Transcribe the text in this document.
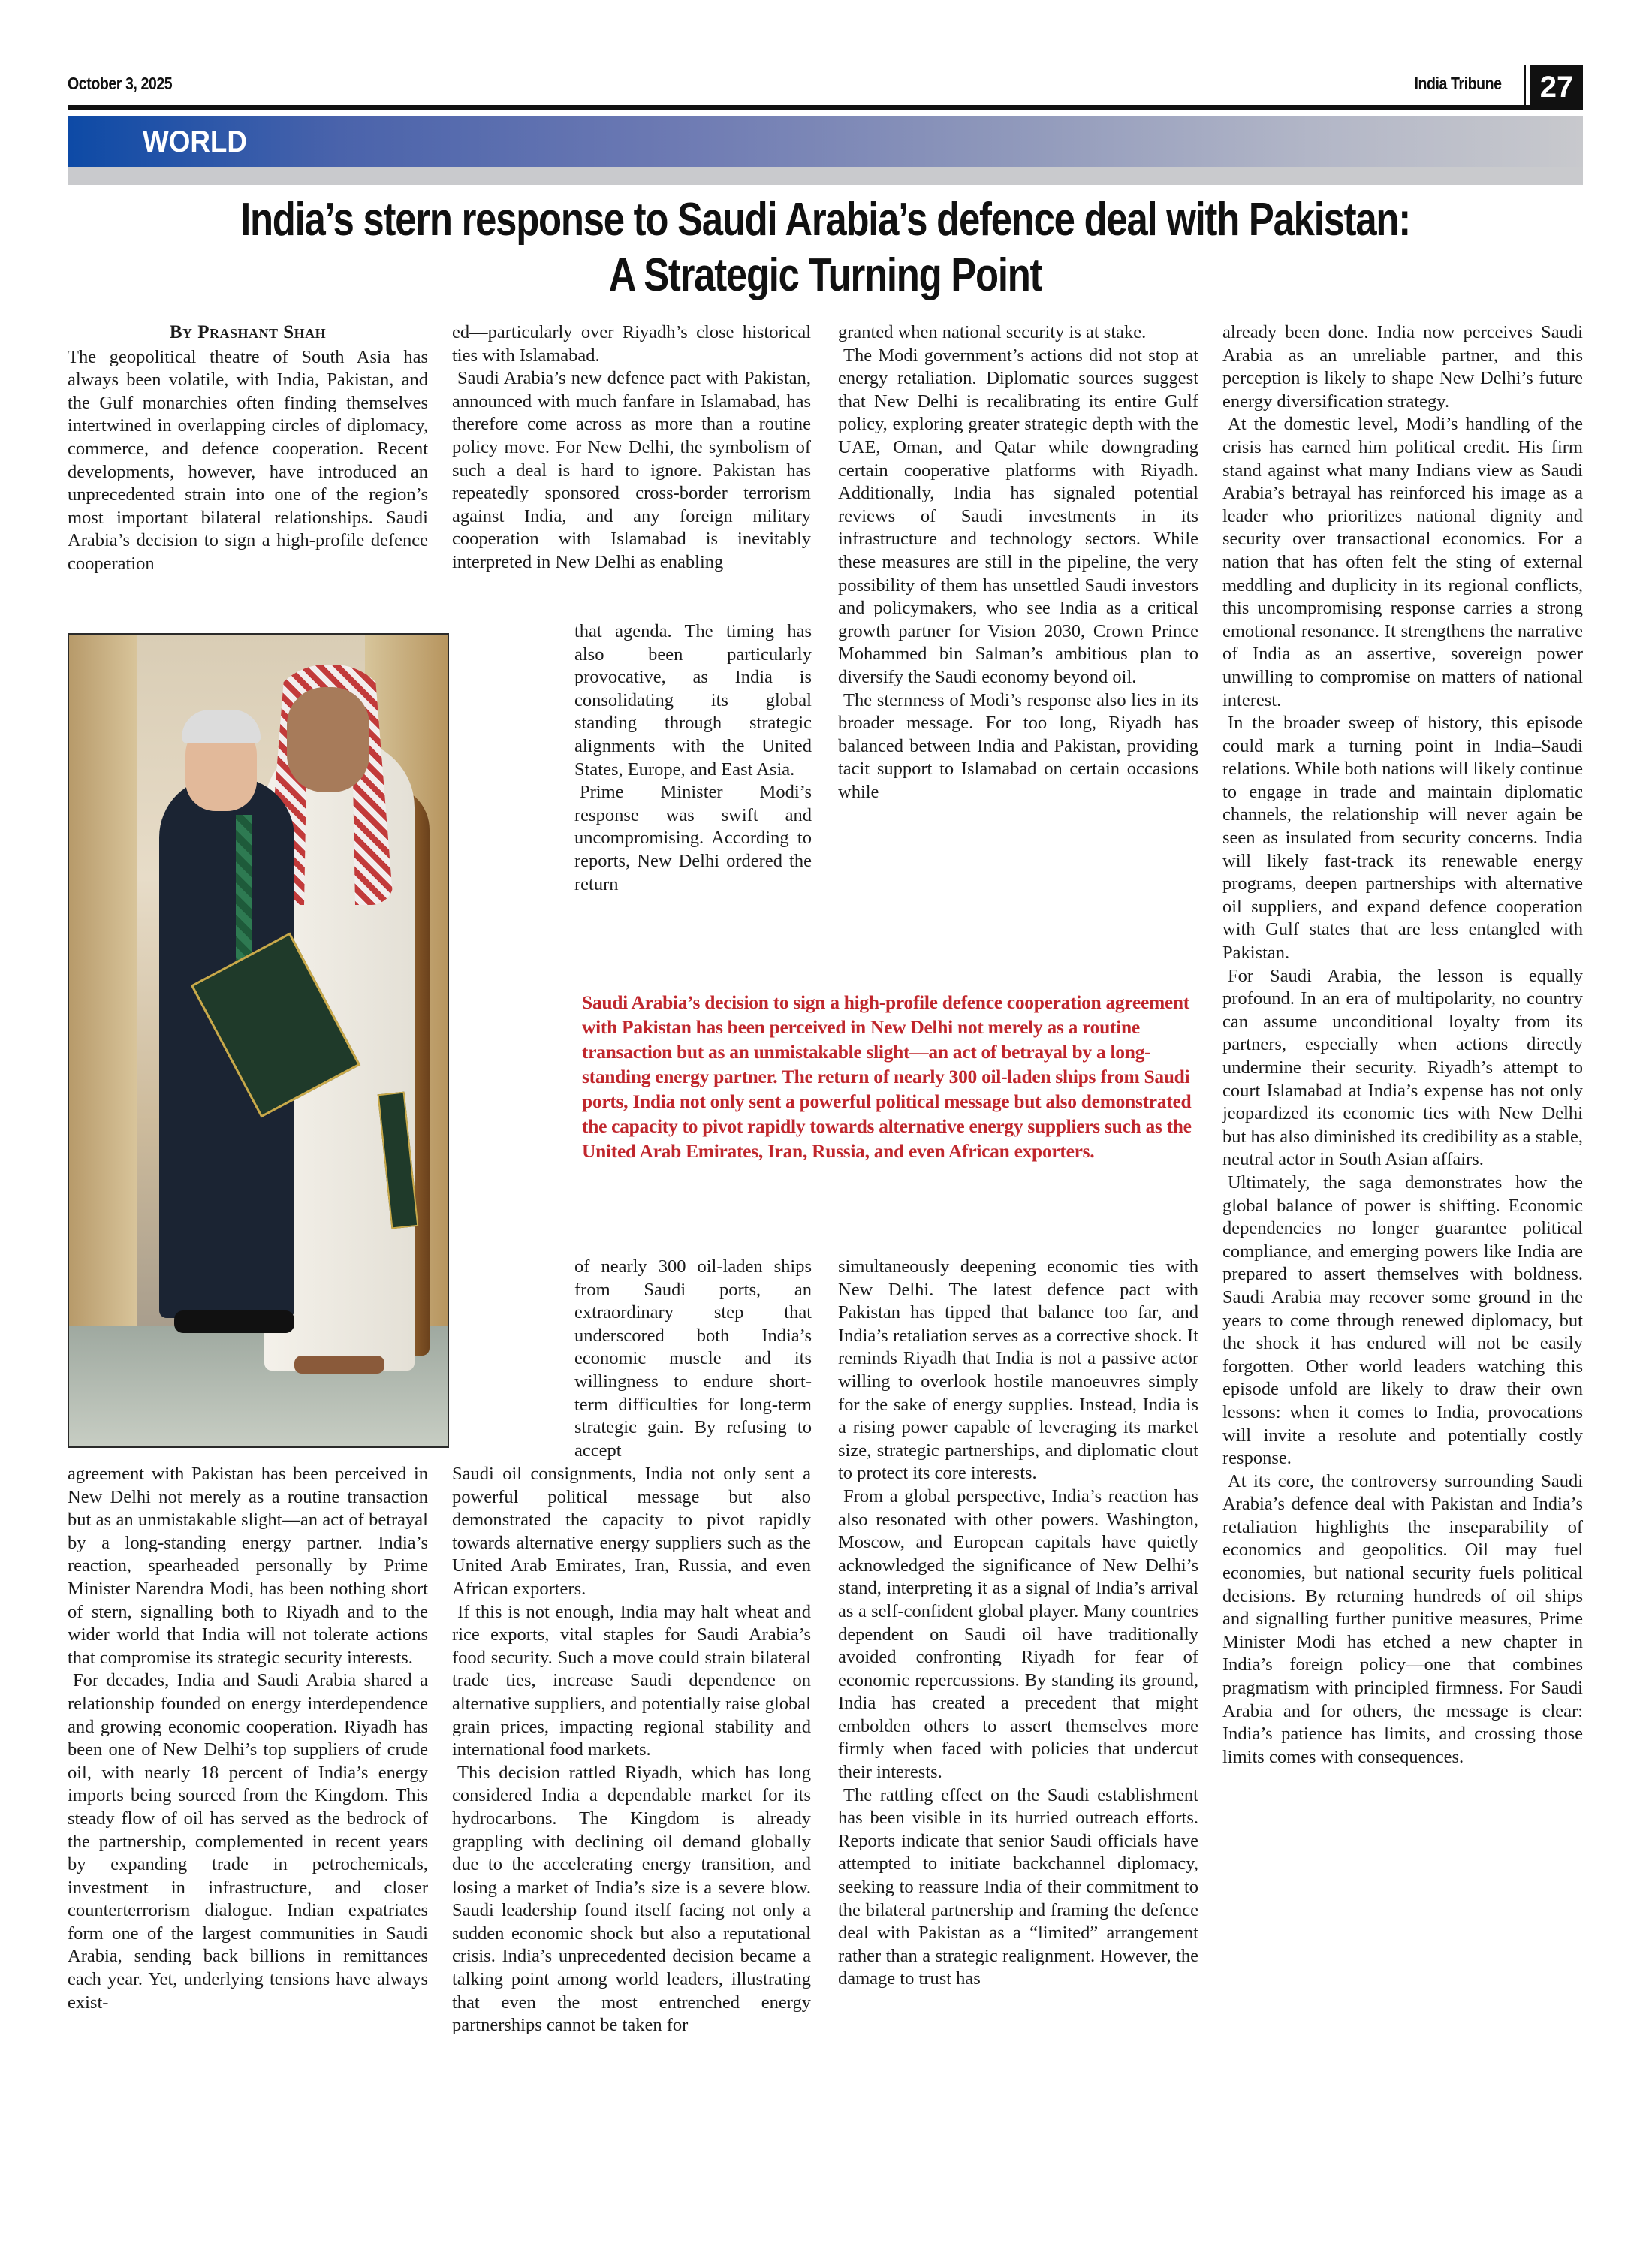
October 3, 2025	India Tribune	27
WORLD
India’s stern response to Saudi Arabia’s defence deal with Pakistan:
A Strategic Turning Point
By Prashant Shah

The geopolitical theatre of South Asia has always been volatile, with India, Pakistan, and the Gulf monarchies often finding themselves intertwined in overlapping circles of diplomacy, commerce, and defence cooperation. Recent developments, however, have introduced an unprecedented strain into one of the region’s most important bilateral relationships. Saudi Arabia’s decision to sign a high-profile defence cooperation

agreement with Pakistan has been perceived in New Delhi not merely as a routine transaction but as an unmistakable slight—an act of betrayal by a long-standing energy partner. India’s reaction, spearheaded personally by Prime Minister Narendra Modi, has been nothing short of stern, signalling both to Riyadh and to the wider world that India will not tolerate actions that compromise its strategic security interests.

For decades, India and Saudi Arabia shared a relationship founded on energy interdependence and growing economic cooperation. Riyadh has been one of New Delhi’s top suppliers of crude oil, with nearly 18 percent of India’s energy imports being sourced from the Kingdom. This steady flow of oil has served as the bedrock of the partnership, complemented in recent years by expanding trade in petrochemicals, investment in infrastructure, and closer counterterrorism dialogue. Indian expatriates form one of the largest communities in Saudi Arabia, sending back billions in remittances each year. Yet, underlying tensions have always exist-

ed—particularly over Riyadh’s close historical ties with Islamabad.

Saudi Arabia’s new defence pact with Pakistan, announced with much fanfare in Islamabad, has therefore come across as more than a routine policy move. For New Delhi, the symbolism of such a deal is hard to ignore. Pakistan has repeatedly sponsored cross-border terrorism against India, and any foreign military cooperation with Islamabad is inevitably interpreted in New Delhi as enabling

that agenda. The timing has also been particularly provocative, as India is consolidating its global standing through strategic alignments with the United States, Europe, and East Asia.

Prime Minister Modi’s response was swift and uncompromising. According to reports, New Delhi ordered the return

Saudi Arabia’s decision to sign a high-profile defence cooperation agreement with Pakistan has been perceived in New Delhi not merely as a routine transaction but as an unmistakable slight—an act of betrayal by a long-standing energy partner. The return of nearly 300 oil-laden ships from Saudi ports, India not only sent a powerful political message but also demonstrated the capacity to pivot rapidly towards alternative energy suppliers such as the United Arab Emirates, Iran, Russia, and even African exporters.

of nearly 300 oil-laden ships from Saudi ports, an extraordinary step that underscored both India’s economic muscle and its willingness to endure short-term difficulties for long-term strategic gain. By refusing to accept

Saudi oil consignments, India not only sent a powerful political message but also demonstrated the capacity to pivot rapidly towards alternative energy suppliers such as the United Arab Emirates, Iran, Russia, and even African exporters.

If this is not enough, India may halt wheat and rice exports, vital staples for Saudi Arabia’s food security. Such a move could strain bilateral trade ties, increase Saudi dependence on alternative suppliers, and potentially raise global grain prices, impacting regional stability and international food markets.

This decision rattled Riyadh, which has long considered India a dependable market for its hydrocarbons. The Kingdom is already grappling with declining oil demand globally due to the accelerating energy transition, and losing a market of India’s size is a severe blow. Saudi leadership found itself facing not only a sudden economic shock but also a reputational crisis. India’s unprecedented decision became a talking point among world leaders, illustrating that even the most entrenched energy partnerships cannot be taken for

granted when national security is at stake.

The Modi government’s actions did not stop at energy retaliation. Diplomatic sources suggest that New Delhi is recalibrating its entire Gulf policy, exploring greater strategic depth with the UAE, Oman, and Qatar while downgrading certain cooperative platforms with Riyadh. Additionally, India has signaled potential reviews of Saudi investments in its infrastructure and technology sectors. While these measures are still in the pipeline, the very possibility of them has unsettled Saudi investors and policymakers, who see India as a critical growth partner for Vision 2030, Crown Prince Mohammed bin Salman’s ambitious plan to diversify the Saudi economy beyond oil.

The sternness of Modi’s response also lies in its broader message. For too long, Riyadh has balanced between India and Pakistan, providing tacit support to Islamabad on certain occasions while

simultaneously deepening economic ties with New Delhi. The latest defence pact with Pakistan has tipped that balance too far, and India’s retaliation serves as a corrective shock. It reminds Riyadh that India is not a passive actor willing to overlook hostile manoeuvres simply for the sake of energy supplies. Instead, India is a rising power capable of leveraging its market size, strategic partnerships, and diplomatic clout to protect its core interests.

From a global perspective, India’s reaction has also resonated with other powers. Washington, Moscow, and European capitals have quietly acknowledged the significance of New Delhi’s stand, interpreting it as a signal of India’s arrival as a self-confident global player. Many countries dependent on Saudi oil have traditionally avoided confronting Riyadh for fear of economic repercussions. By standing its ground, India has created a precedent that might embolden others to assert themselves more firmly when faced with policies that undercut their interests.

The rattling effect on the Saudi establishment has been visible in its hurried outreach efforts. Reports indicate that senior Saudi officials have attempted to initiate backchannel diplomacy, seeking to reassure India of their commitment to the bilateral partnership and framing the defence deal with Pakistan as a “limited” arrangement rather than a strategic realignment. However, the damage to trust has

already been done. India now perceives Saudi Arabia as an unreliable partner, and this perception is likely to shape New Delhi’s future energy diversification strategy.

At the domestic level, Modi’s handling of the crisis has earned him political credit. His firm stand against what many Indians view as Saudi Arabia’s betrayal has reinforced his image as a leader who prioritizes national dignity and security over transactional economics. For a nation that has often felt the sting of external meddling and duplicity in its regional conflicts, this uncompromising response carries a strong emotional resonance. It strengthens the narrative of India as an assertive, sovereign power unwilling to compromise on matters of national interest.

In the broader sweep of history, this episode could mark a turning point in India–Saudi relations. While both nations will likely continue to engage in trade and maintain diplomatic channels, the relationship will never again be seen as insulated from security concerns. India will likely fast-track its renewable energy programs, deepen partnerships with alternative oil suppliers, and expand defence cooperation with Gulf states that are less entangled with Pakistan.

For Saudi Arabia, the lesson is equally profound. In an era of multipolarity, no country can assume unconditional loyalty from its partners, especially when actions directly undermine their security. Riyadh’s attempt to court Islamabad at India’s expense has not only jeopardized its economic ties with New Delhi but has also diminished its credibility as a stable, neutral actor in South Asian affairs.

Ultimately, the saga demonstrates how the global balance of power is shifting. Economic dependencies no longer guarantee political compliance, and emerging powers like India are prepared to assert themselves with boldness. Saudi Arabia may recover some ground in the years to come through renewed diplomacy, but the shock it has endured will not be easily forgotten. Other world leaders watching this episode unfold are likely to draw their own lessons: when it comes to India, provocations will invite a resolute and potentially costly response.

At its core, the controversy surrounding Saudi Arabia’s defence deal with Pakistan and India’s retaliation highlights the inseparability of economics and geopolitics. Oil may fuel economies, but national security fuels political decisions. By returning hundreds of oil ships and signalling further punitive measures, Prime Minister Modi has etched a new chapter in India’s foreign policy—one that combines pragmatism with principled firmness. For Saudi Arabia and for others, the message is clear: India’s patience has limits, and crossing those limits comes with consequences.
